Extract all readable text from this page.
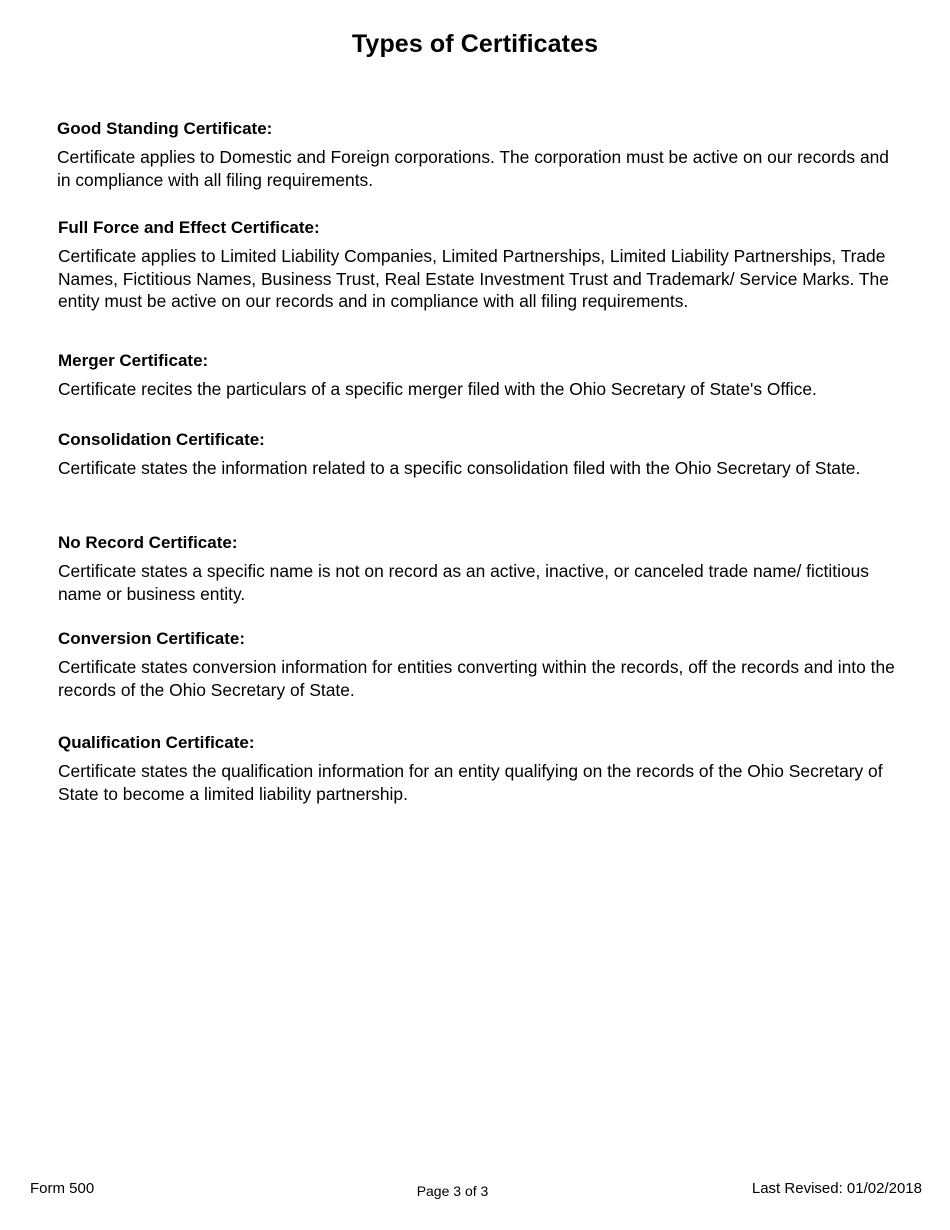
Types of Certificates
Good Standing Certificate:

Certificate applies to Domestic and Foreign corporations. The corporation must be active on our records and in compliance with all filing requirements.

Full Force and Effect Certificate:

Certificate applies to Limited Liability Companies, Limited Partnerships, Limited Liability Partnerships, Trade Names, Fictitious Names, Business Trust, Real Estate Investment Trust and Trademark/ Service Marks. The entity must be active on our records and in compliance with all filing requirements.

Merger Certificate:

Certificate recites the particulars of a specific merger filed with the Ohio Secretary of State's Office.

Consolidation Certificate:

Certificate states the information related to a specific consolidation filed with the Ohio Secretary of State.

No Record Certificate:

Certificate states a specific name is not on record as an active, inactive, or canceled trade name/ fictitious name or business entity.

Conversion Certificate:

Certificate states conversion information for entities converting within the records, off the records and into the records of the Ohio Secretary of State.

Qualification Certificate:

Certificate states the qualification information for an entity qualifying on the records of the Ohio Secretary of State to become a limited liability partnership.

Form 500	Page 3 of 3	Last Revised: 01/02/2018
